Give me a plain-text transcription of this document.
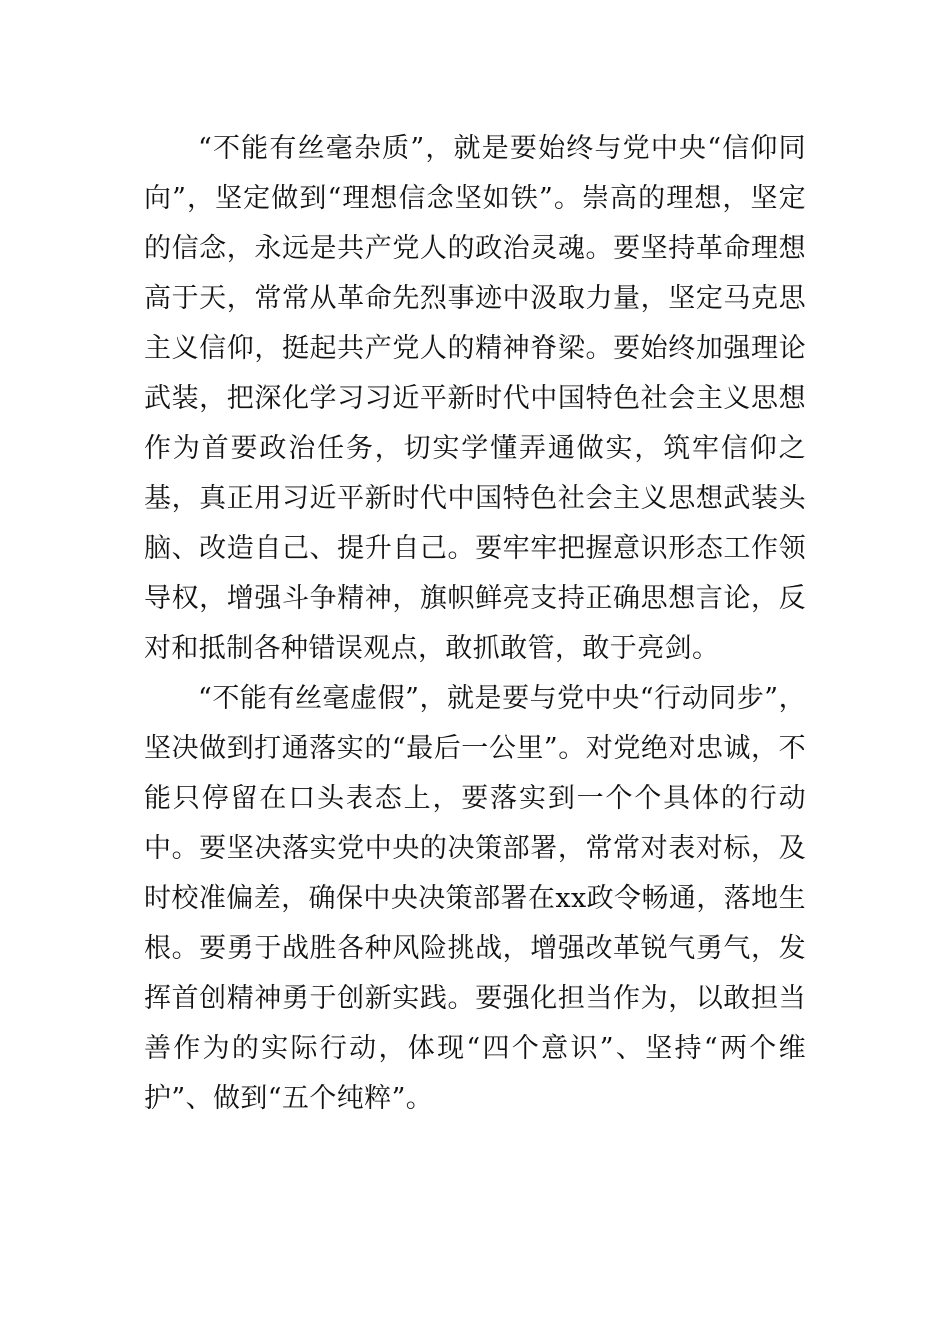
“不能有丝毫杂质”，就是要始终与党中央“信仰同向”，坚定做到“理想信念坚如铁”。崇高的理想，坚定的信念，永远是共产党人的政治灵魂。要坚持革命理想高于天，常常从革命先烈事迹中汲取力量，坚定马克思主义信仰，挺起共产党人的精神脊梁。要始终加强理论武装，把深化学习习近平新时代中国特色社会主义思想作为首要政治任务，切实学懂弄通做实，筑牢信仰之基，真正用习近平新时代中国特色社会主义思想武装头脑、改造自己、提升自己。要牢牢把握意识形态工作领导权，增强斗争精神，旗帜鲜亮支持正确思想言论，反对和抵制各种错误观点，敢抓敢管，敢于亮剑。

“不能有丝毫虚假”，就是要与党中央“行动同步”，坚决做到打通落实的“最后一公里”。对党绝对忠诚，不能只停留在口头表态上，要落实到一个个具体的行动中。要坚决落实党中央的决策部署，常常对表对标，及时校准偏差，确保中央决策部署在xx政令畅通，落地生根。要勇于战胜各种风险挑战，增强改革锐气勇气，发挥首创精神勇于创新实践。要强化担当作为，以敢担当善作为的实际行动，体现“四个意识”、坚持“两个维护”、做到“五个纯粹”。
